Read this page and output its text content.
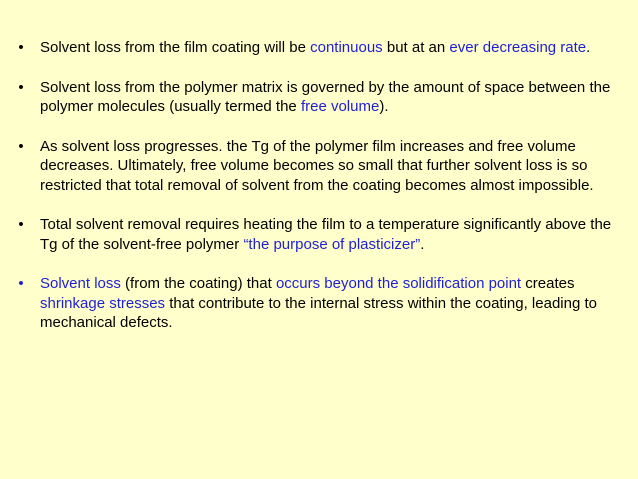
• Solvent loss from the film coating will be continuous but at an ever decreasing rate.
• Solvent loss from the polymer matrix is governed by the amount of space between the polymer molecules (usually termed the free volume).
• As solvent loss progresses. the Tg of the polymer film increases and free volume decreases. Ultimately, free volume becomes so small that further solvent loss is so restricted that total removal of solvent from the coating becomes almost impossible.
• Total solvent removal requires heating the film to a temperature significantly above the Tg of the solvent-free polymer “the purpose of plasticizer”.
• Solvent loss (from the coating) that occurs beyond the solidification point creates shrinkage stresses that contribute to the internal stress within the coating, leading to mechanical defects.
